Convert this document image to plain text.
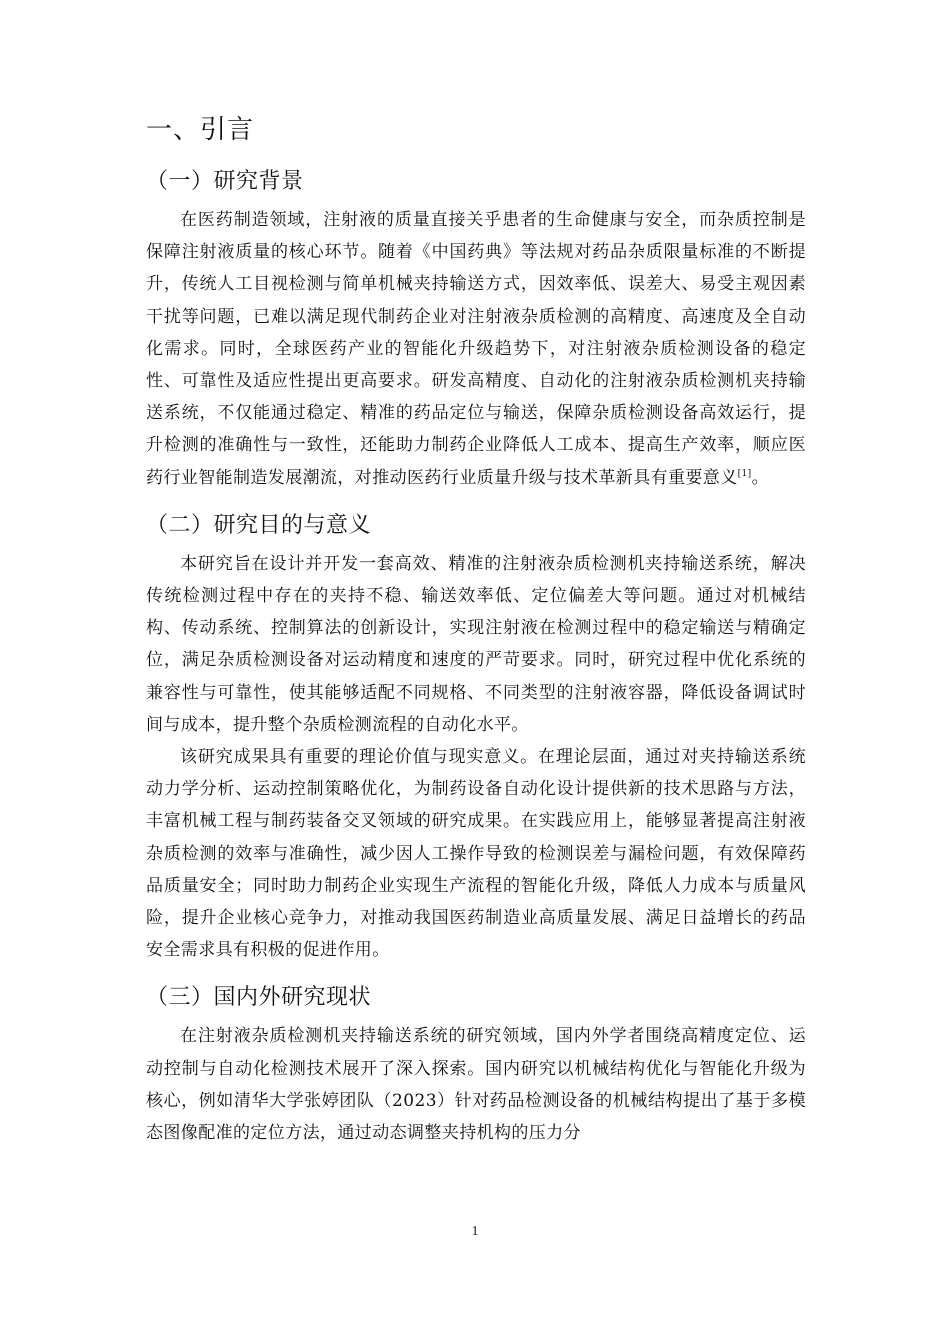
一、引言
（一）研究背景

在医药制造领域，注射液的质量直接关乎患者的生命健康与安全，而杂质控制是保障注射液质量的核心环节。随着《中国药典》等法规对药品杂质限量标准的不断提升，传统人工目视检测与简单机械夹持输送方式，因效率低、误差大、易受主观因素干扰等问题，已难以满足现代制药企业对注射液杂质检测的高精度、高速度及全自动化需求。同时，全球医药产业的智能化升级趋势下，对注射液杂质检测设备的稳定性、可靠性及适应性提出更高要求。研发高精度、自动化的注射液杂质检测机夹持输送系统，不仅能通过稳定、精准的药品定位与输送，保障杂质检测设备高效运行，提升检测的准确性与一致性，还能助力制药企业降低人工成本、提高生产效率，顺应医药行业智能制造发展潮流，对推动医药行业质量升级与技术革新具有重要意义[1]。

（二）研究目的与意义

本研究旨在设计并开发一套高效、精准的注射液杂质检测机夹持输送系统，解决传统检测过程中存在的夹持不稳、输送效率低、定位偏差大等问题。通过对机械结构、传动系统、控制算法的创新设计，实现注射液在检测过程中的稳定输送与精确定位，满足杂质检测设备对运动精度和速度的严苛要求。同时，研究过程中优化系统的兼容性与可靠性，使其能够适配不同规格、不同类型的注射液容器，降低设备调试时间与成本，提升整个杂质检测流程的自动化水平。

该研究成果具有重要的理论价值与现实意义。在理论层面，通过对夹持输送系统动力学分析、运动控制策略优化，为制药设备自动化设计提供新的技术思路与方法，丰富机械工程与制药装备交叉领域的研究成果。在实践应用上，能够显著提高注射液杂质检测的效率与准确性，减少因人工操作导致的检测误差与漏检问题，有效保障药品质量安全；同时助力制药企业实现生产流程的智能化升级，降低人力成本与质量风险，提升企业核心竞争力，对推动我国医药制造业高质量发展、满足日益增长的药品安全需求具有积极的促进作用。

（三）国内外研究现状

在注射液杂质检测机夹持输送系统的研究领域，国内外学者围绕高精度定位、运动控制与自动化检测技术展开了深入探索。国内研究以机械结构优化与智能化升级为核心，例如清华大学张婷团队（2023）针对药品检测设备的机械结构提出了基于多模态图像配准的定位方法，通过动态调整夹持机构的压力分

1
